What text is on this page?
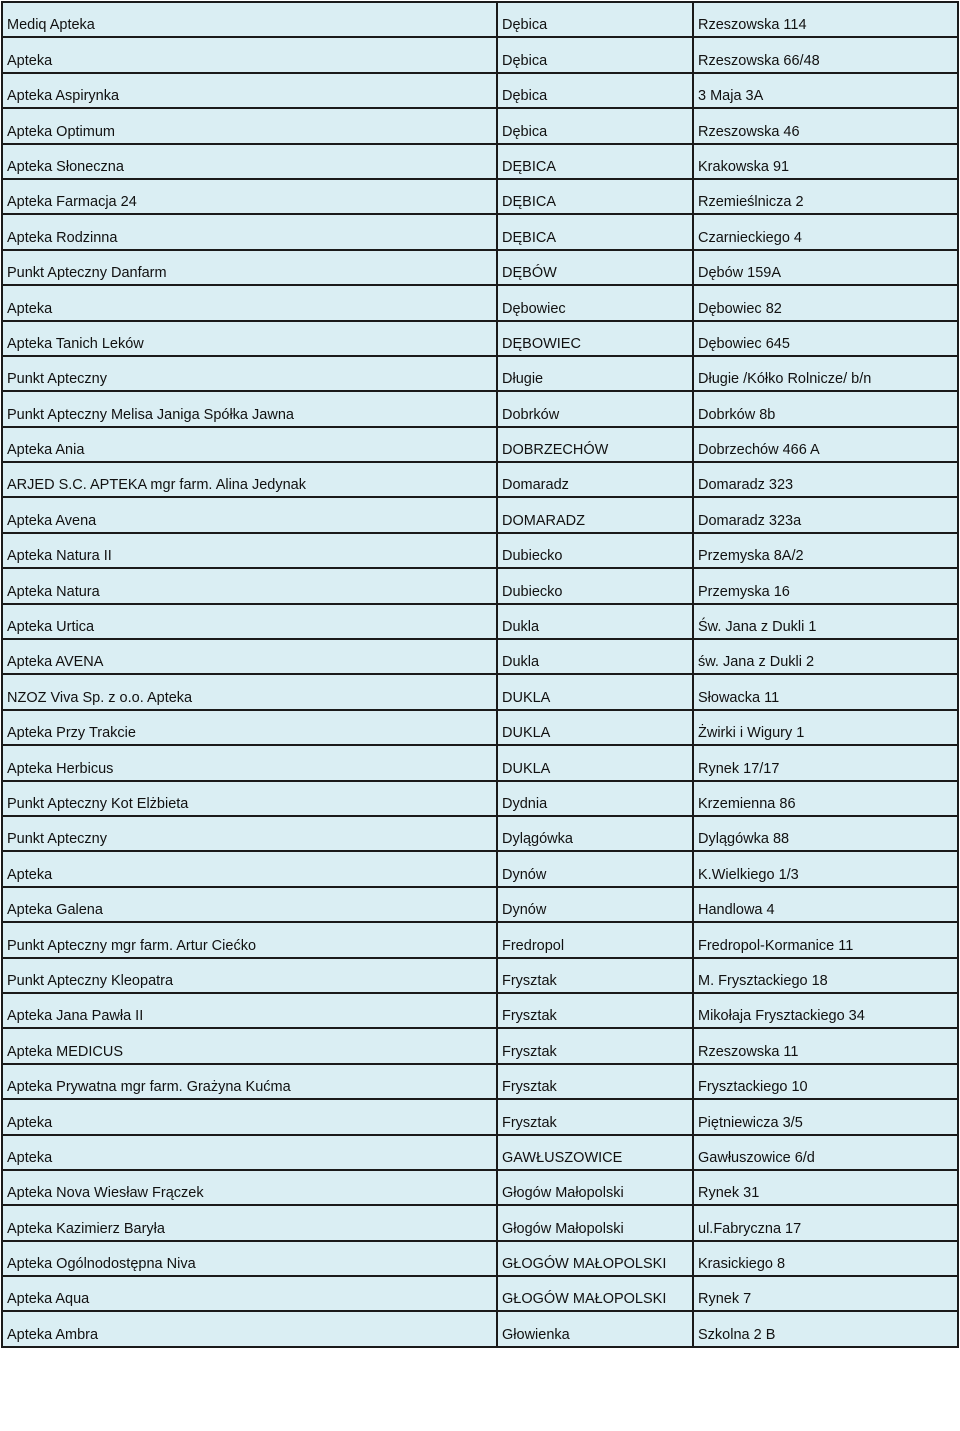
Mediq Apteka	Dębica	Rzeszowska 114
Apteka	Dębica	Rzeszowska 66/48
Apteka Aspirynka	Dębica	3 Maja 3A
Apteka Optimum	Dębica	Rzeszowska 46
Apteka Słoneczna	DĘBICA	Krakowska 91
Apteka Farmacja 24	DĘBICA	Rzemieślnicza 2
Apteka Rodzinna	DĘBICA	Czarnieckiego 4
Punkt Apteczny Danfarm	DĘBÓW	Dębów 159A
Apteka	Dębowiec	Dębowiec 82
Apteka Tanich Leków	DĘBOWIEC	Dębowiec 645
Punkt Apteczny	Długie	Długie /Kółko Rolnicze/ b/n
Punkt Apteczny Melisa Janiga Spółka Jawna	Dobrków	Dobrków 8b
Apteka Ania	DOBRZECHÓW	Dobrzechów 466 A
ARJED S.C. APTEKA mgr farm. Alina Jedynak	Domaradz	Domaradz 323
Apteka Avena	DOMARADZ	Domaradz 323a
Apteka Natura II	Dubiecko	Przemyska 8A/2
Apteka Natura	Dubiecko	Przemyska 16
Apteka Urtica	Dukla	Św. Jana z Dukli 1
Apteka AVENA	Dukla	św. Jana z Dukli 2
NZOZ Viva Sp. z o.o. Apteka	DUKLA	Słowacka 11
Apteka Przy Trakcie	DUKLA	Żwirki i Wigury 1
Apteka Herbicus	DUKLA	Rynek 17/17
Punkt Apteczny Kot Elżbieta	Dydnia	Krzemienna 86
Punkt Apteczny	Dylągówka	Dylągówka 88
Apteka	Dynów	K.Wielkiego 1/3
Apteka Galena	Dynów	Handlowa 4
Punkt Apteczny mgr farm. Artur Ciećko	Fredropol	Fredropol-Kormanice 11
Punkt Apteczny Kleopatra	Frysztak	M. Frysztackiego 18
Apteka Jana Pawła II	Frysztak	Mikołaja Frysztackiego 34
Apteka MEDICUS	Frysztak	Rzeszowska 11
Apteka Prywatna mgr farm. Grażyna Kućma	Frysztak	Frysztackiego 10
Apteka	Frysztak	Piętniewicza 3/5
Apteka	GAWŁUSZOWICE	Gawłuszowice 6/d
Apteka Nova Wiesław Frączek	Głogów Małopolski	Rynek 31
Apteka Kazimierz Baryła	Głogów Małopolski	ul.Fabryczna 17
Apteka Ogólnodostępna Niva	GŁOGÓW MAŁOPOLSKI	Krasickiego 8
Apteka Aqua	GŁOGÓW MAŁOPOLSKI	Rynek 7
Apteka Ambra	Głowienka	Szkolna 2 B
